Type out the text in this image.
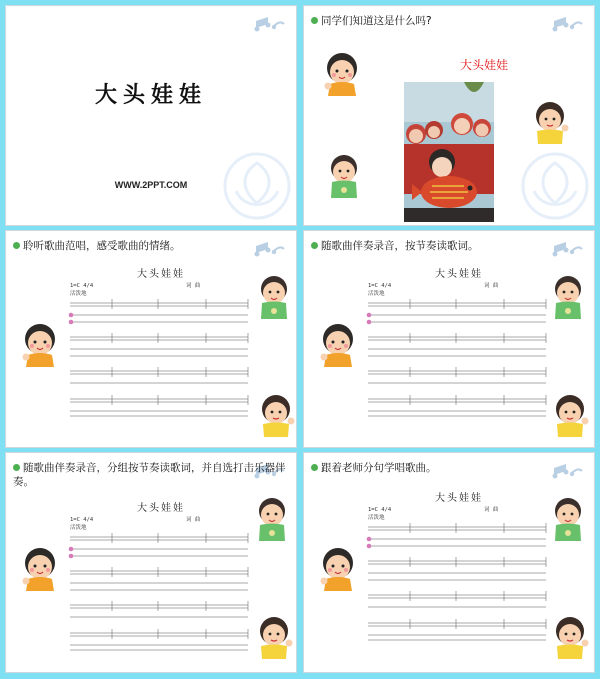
大头娃娃
WWW.2PPT.COM
同学们知道这是什么吗?
大头娃娃
聆听歌曲范唱，感受歌曲的情绪。
大头娃娃
随歌曲伴奏录音，按节奏读歌词。
大头娃娃
随歌曲伴奏录音，分组按节奏读歌词，并自选打击乐器伴奏。
大头娃娃
跟着老师分句学唱歌曲。
大头娃娃
